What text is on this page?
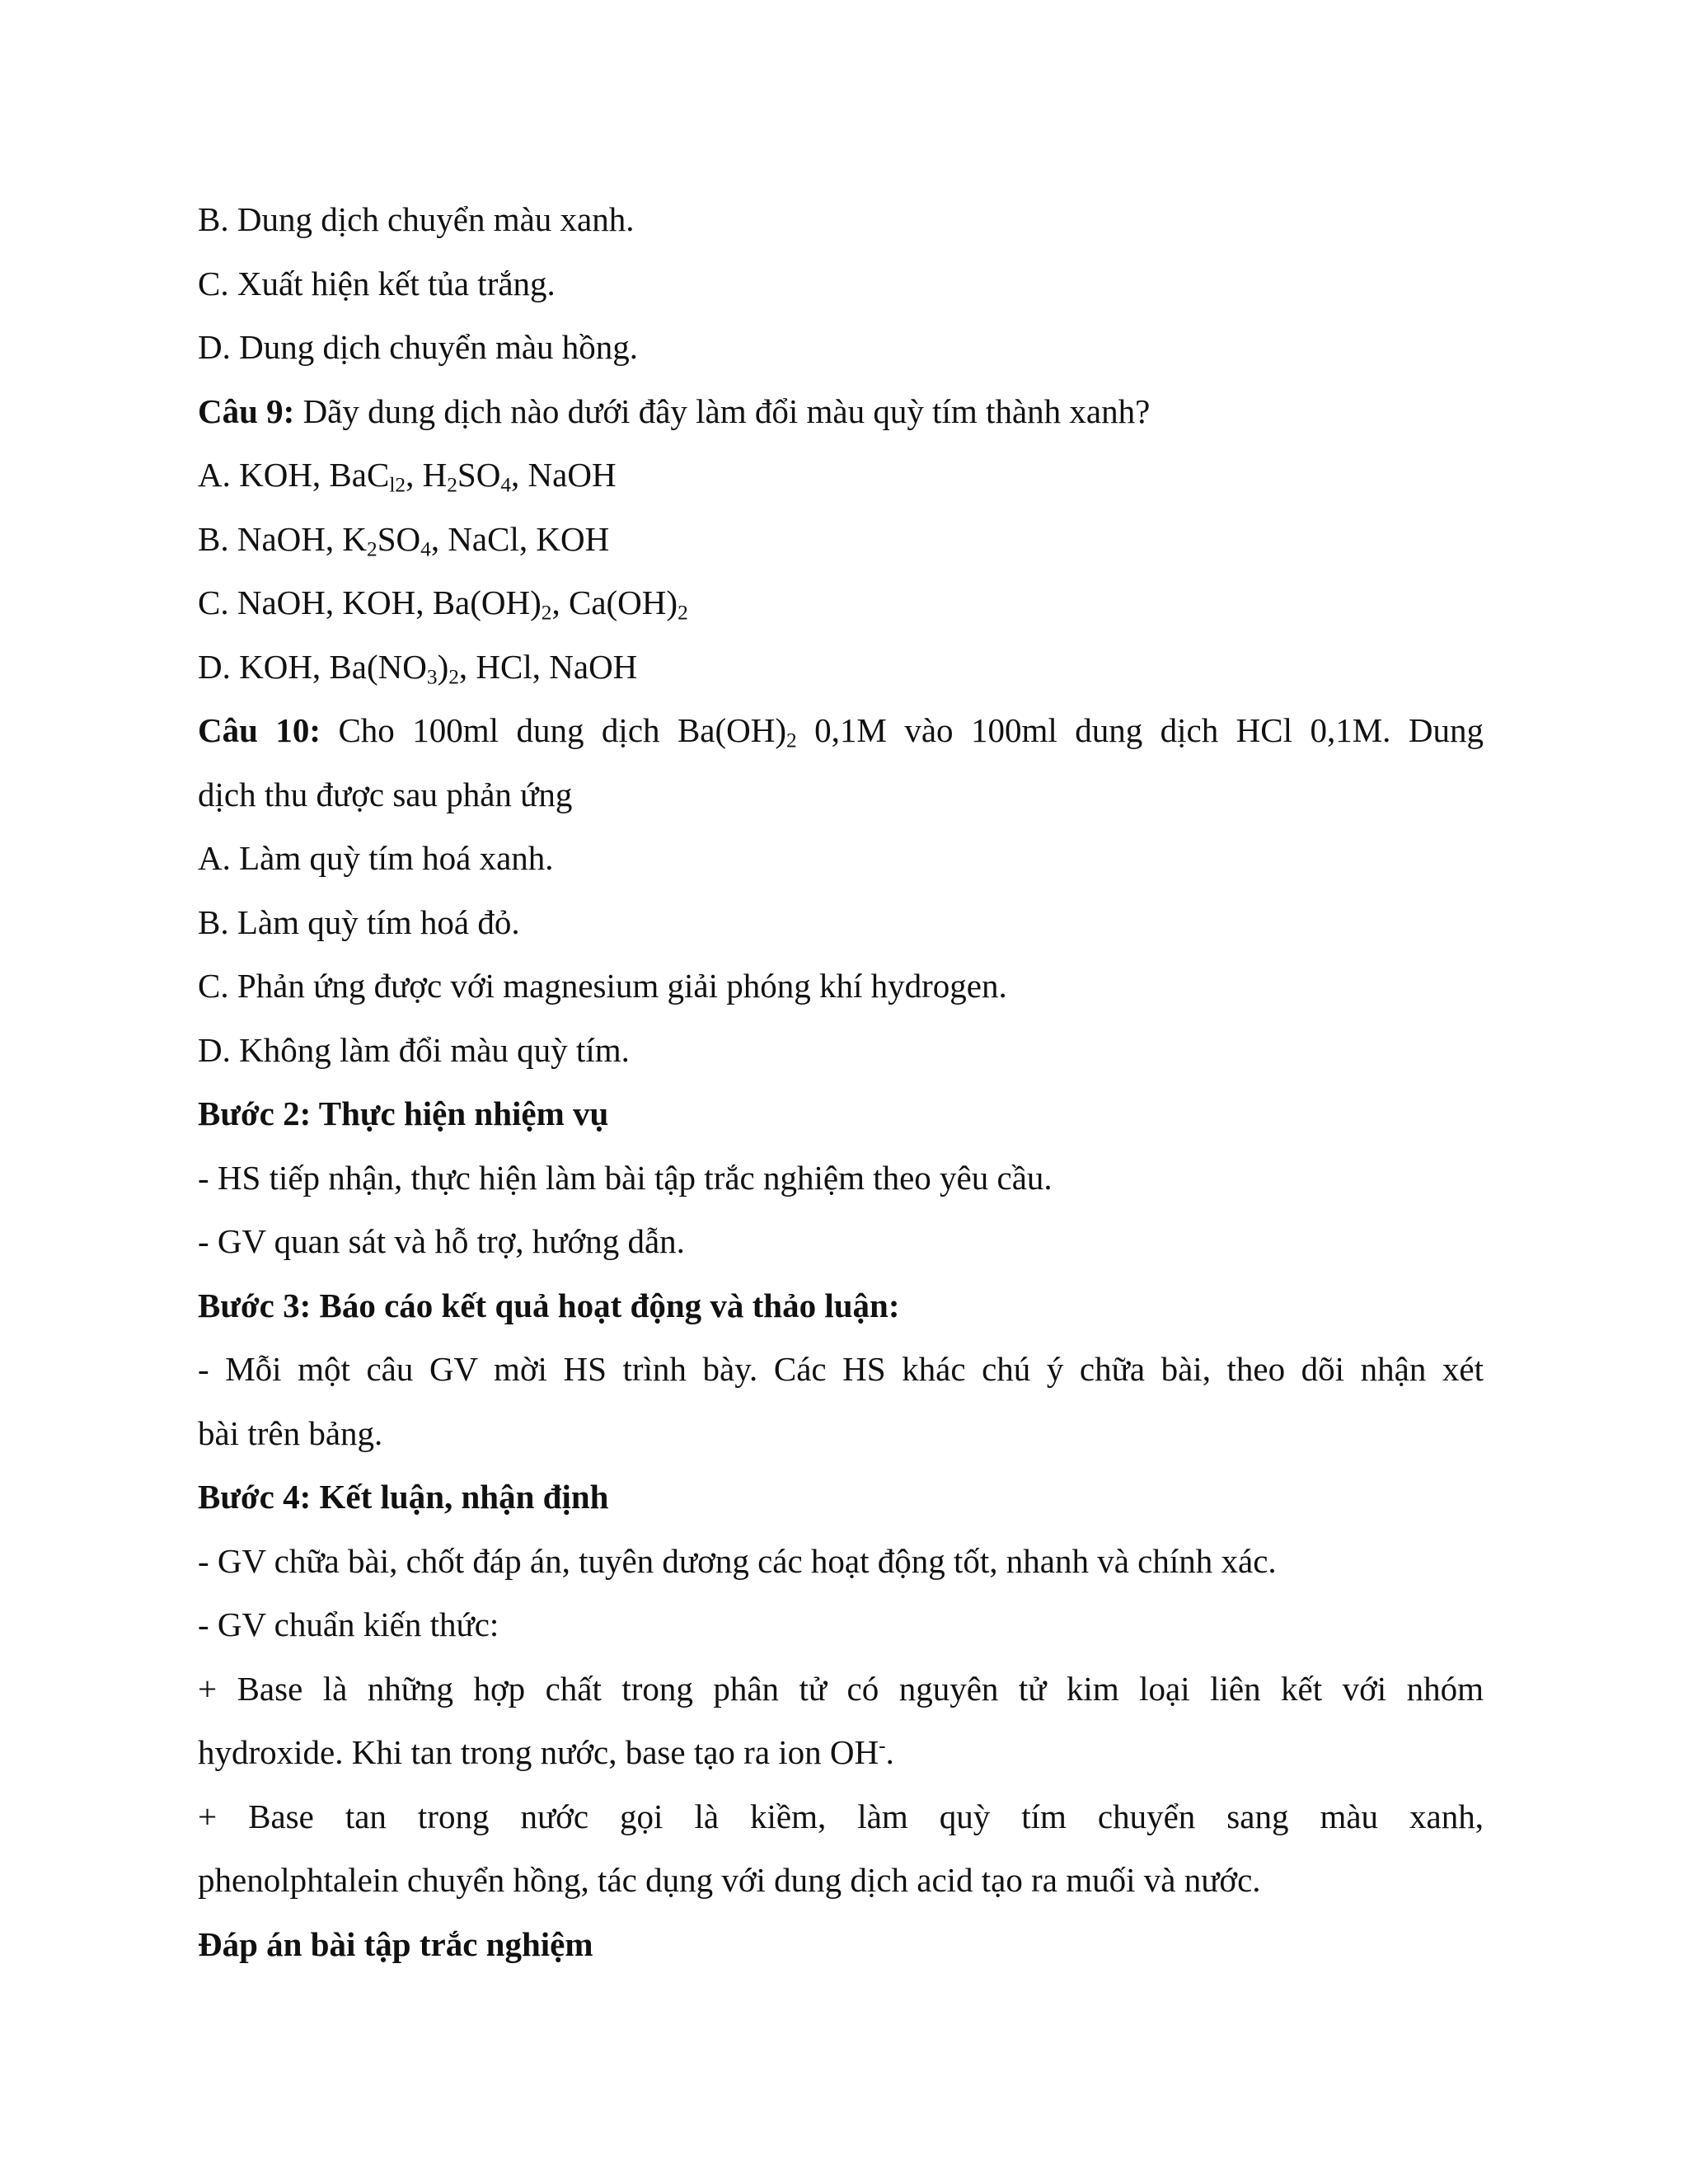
B. Dung dịch chuyển màu xanh.
C. Xuất hiện kết tủa trắng.
D. Dung dịch chuyển màu hồng.
Câu 9: Dãy dung dịch nào dưới đây làm đổi màu quỳ tím thành xanh?
A. KOH, BaC$_{l2}$, $H_2SO_4$, NaOH
B. NaOH, $K_2SO_4$, NaCl, KOH
C. NaOH, KOH, $Ba(OH)_2$, $Ca(OH)_2$
D. KOH, $Ba(NO_3)_2$, HCl, NaOH
Câu 10: Cho 100ml dung dịch $Ba(OH)_2$ 0,1M vào 100ml dung dịch HCl 0,1M. Dung
dịch thu được sau phản ứng
A. Làm quỳ tím hoá xanh.
B. Làm quỳ tím hoá đỏ.
C. Phản ứng được với magnesium giải phóng khí hydrogen.
D. Không làm đổi màu quỳ tím.
Bước 2: Thực hiện nhiệm vụ
- HS tiếp nhận, thực hiện làm bài tập trắc nghiệm theo yêu cầu.
- GV quan sát và hỗ trợ, hướng dẫn.
Bước 3: Báo cáo kết quả hoạt động và thảo luận:
- Mỗi một câu GV mời HS trình bày. Các HS khác chú ý chữa bài, theo dõi nhận xét
bài trên bảng.
Bước 4: Kết luận, nhận định
- GV chữa bài, chốt đáp án, tuyên dương các hoạt động tốt, nhanh và chính xác.
- GV chuẩn kiến thức:
+ Base là những hợp chất trong phân tử có nguyên tử kim loại liên kết với nhóm
hydroxide. Khi tan trong nước, base tạo ra ion OH-.
+ Base tan trong nước gọi là kiềm, làm quỳ tím chuyển sang màu xanh,
phenolphtalein chuyển hồng, tác dụng với dung dịch acid tạo ra muối và nước.
Đáp án bài tập trắc nghiệm
